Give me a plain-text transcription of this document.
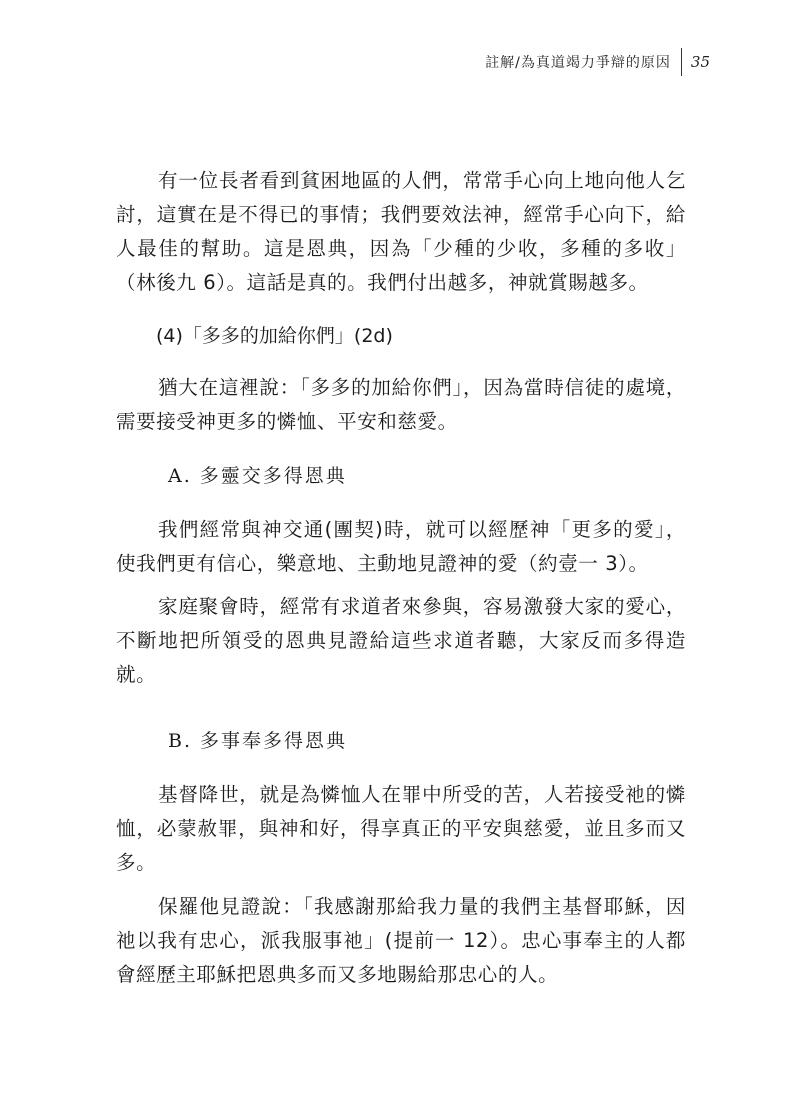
註解/為真道竭力爭辯的原因	35

有一位長者看到貧困地區的人們，常常手心向上地向他人乞討，這實在是不得已的事情；我們要效法神，經常手心向下，給人最佳的幫助。這是恩典，因為「少種的少收，多種的多收」（林後九 6）。這話是真的。我們付出越多，神就賞賜越多。

(4)「多多的加給你們」(2d)

猶大在這裡說：「多多的加給你們」，因為當時信徒的處境，需要接受神更多的憐恤、平安和慈愛。

A. 多靈交多得恩典

我們經常與神交通(團契)時，就可以經歷神「更多的愛」，使我們更有信心，樂意地、主動地見證神的愛（約壹一 3）。

家庭聚會時，經常有求道者來參與，容易激發大家的愛心，不斷地把所領受的恩典見證給這些求道者聽，大家反而多得造就。

B. 多事奉多得恩典

基督降世，就是為憐恤人在罪中所受的苦，人若接受祂的憐恤，必蒙赦罪，與神和好，得享真正的平安與慈愛，並且多而又多。

保羅他見證說：「我感謝那給我力量的我們主基督耶穌，因祂以我有忠心，派我服事祂」(提前一 12）。忠心事奉主的人都會經歷主耶穌把恩典多而又多地賜給那忠心的人。
